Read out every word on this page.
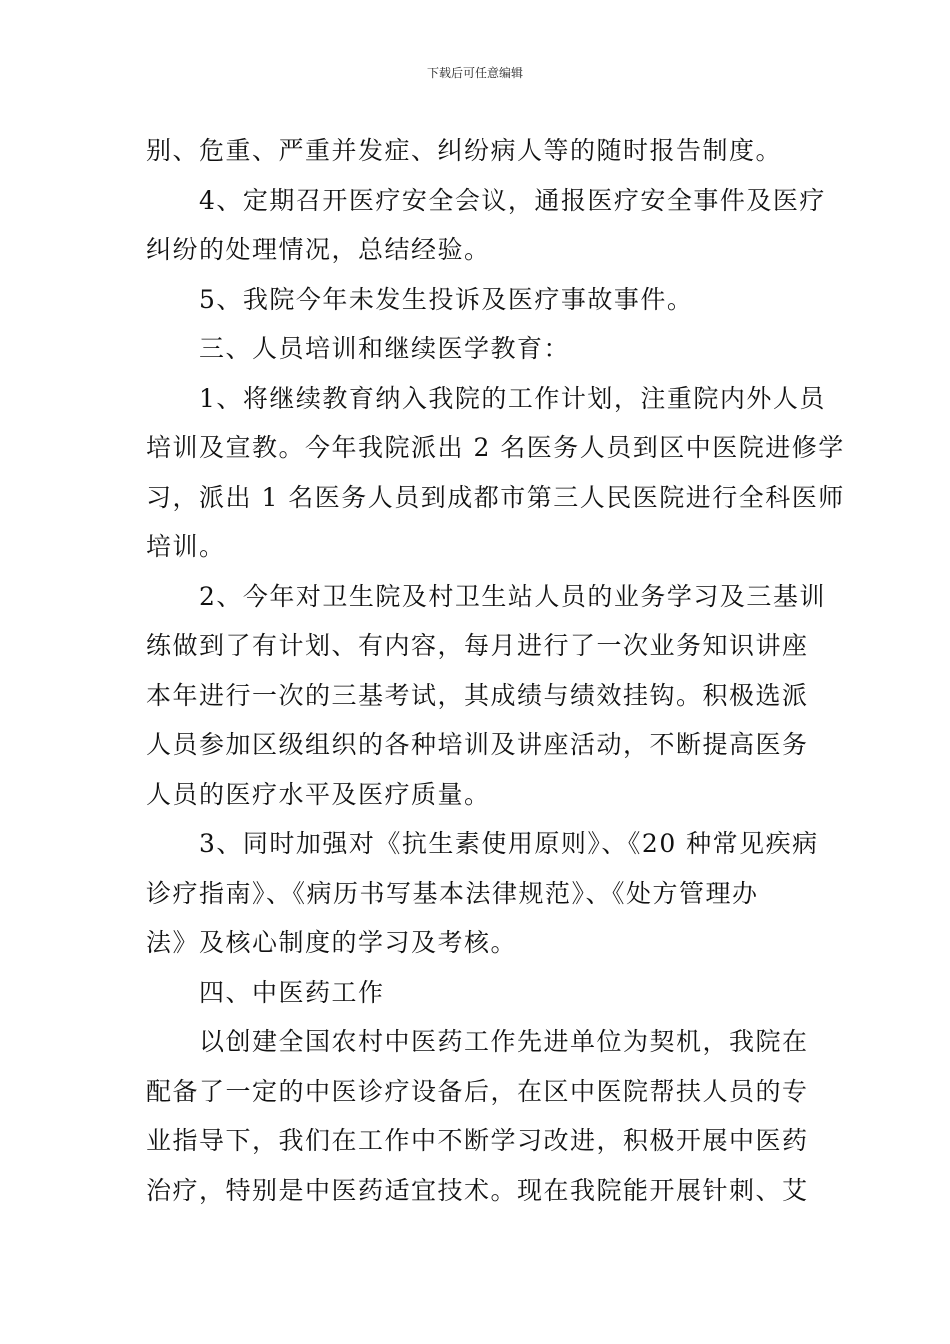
下载后可任意编辑

别、危重、严重并发症、纠纷病人等的随时报告制度。

　　4、定期召开医疗安全会议，通报医疗安全事件及医疗

纠纷的处理情况，总结经验。

　　5、我院今年未发生投诉及医疗事故事件。

　　三、人员培训和继续医学教育：

　　1、将继续教育纳入我院的工作计划，注重院内外人员

培训及宣教。今年我院派出 2 名医务人员到区中医院进修学

习，派出 1 名医务人员到成都市第三人民医院进行全科医师

培训。

　　2、今年对卫生院及村卫生站人员的业务学习及三基训

练做到了有计划、有内容，每月进行了一次业务知识讲座

本年进行一次的三基考试，其成绩与绩效挂钩。积极选派

人员参加区级组织的各种培训及讲座活动，不断提高医务

人员的医疗水平及医疗质量。

　　3、同时加强对《抗生素使用原则》、《20 种常见疾病

诊疗指南》、《病历书写基本法律规范》、《处方管理办

法》及核心制度的学习及考核。

　　四、中医药工作

　　以创建全国农村中医药工作先进单位为契机，我院在

配备了一定的中医诊疗设备后，在区中医院帮扶人员的专

业指导下，我们在工作中不断学习改进，积极开展中医药

治疗，特别是中医药适宜技术。现在我院能开展针刺、艾
